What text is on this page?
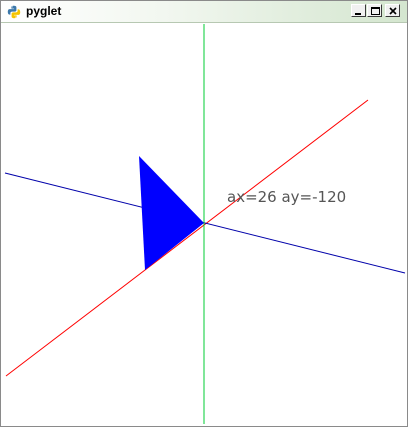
pyglet
ax=26 ay=-120
